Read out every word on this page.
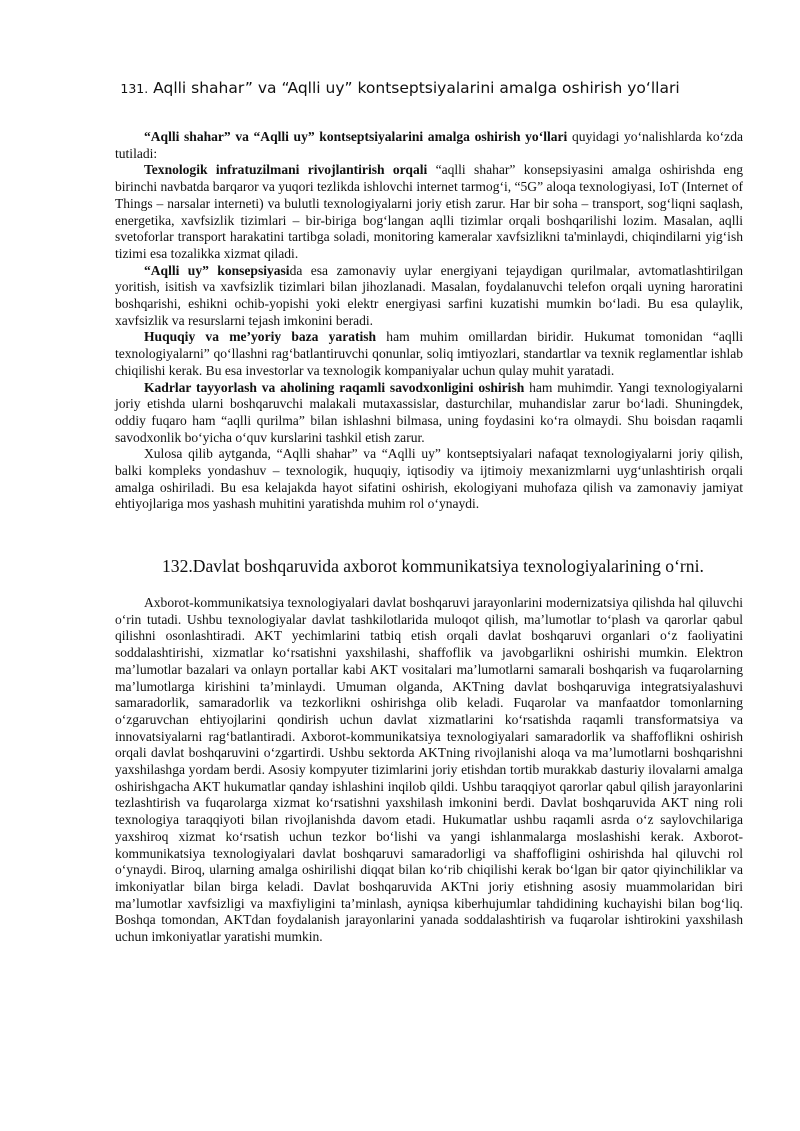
131. Aqlli shahar” va “Aqlli uy” kontseptsiyalarini amalga oshirish yo‘llari

“Aqlli shahar” va “Aqlli uy” kontseptsiyalarini amalga oshirish yo‘llari quyidagi yo‘nalishlarda ko‘zda tutiladi:

Texnologik infratuzilmani rivojlantirish orqali “aqlli shahar” konsepsiyasini amalga oshirishda eng birinchi navbatda barqaror va yuqori tezlikda ishlovchi internet tarmog‘i, “5G” aloqa texnologiyasi, IoT (Internet of Things – narsalar interneti) va bulutli texnologiyalarni joriy etish zarur. Har bir soha – transport, sog‘liqni saqlash, energetika, xavfsizlik tizimlari – bir-biriga bog‘langan aqlli tizimlar orqali boshqarilishi lozim. Masalan, aqlli svetoforlar transport harakatini tartibga soladi, monitoring kameralar xavfsizlikni ta'minlaydi, chiqindilarni yig‘ish tizimi esa tozalikka xizmat qiladi.

“Aqlli uy” konsepsiyasida esa zamonaviy uylar energiyani tejaydigan qurilmalar, avtomatlashtirilgan yoritish, isitish va xavfsizlik tizimlari bilan jihozlanadi. Masalan, foydalanuvchi telefon orqali uyning haroratini boshqarishi, eshikni ochib-yopishi yoki elektr energiyasi sarfini kuzatishi mumkin bo‘ladi. Bu esa qulaylik, xavfsizlik va resurslarni tejash imkonini beradi.

Huquqiy va me’yoriy baza yaratish ham muhim omillardan biridir. Hukumat tomonidan “aqlli texnologiyalarni” qo‘llashni rag‘batlantiruvchi qonunlar, soliq imtiyozlari, standartlar va texnik reglamentlar ishlab chiqilishi kerak. Bu esa investorlar va texnologik kompaniyalar uchun qulay muhit yaratadi.

Kadrlar tayyorlash va aholining raqamli savodxonligini oshirish ham muhimdir. Yangi texnologiyalarni joriy etishda ularni boshqaruvchi malakali mutaxassislar, dasturchilar, muhandislar zarur bo‘ladi. Shuningdek, oddiy fuqaro ham “aqlli qurilma” bilan ishlashni bilmasa, uning foydasini ko‘ra olmaydi. Shu boisdan raqamli savodxonlik bo‘yicha o‘quv kurslarini tashkil etish zarur.

Xulosa qilib aytganda, “Aqlli shahar” va “Aqlli uy” kontseptsiyalari nafaqat texnologiyalarni joriy qilish, balki kompleks yondashuv – texnologik, huquqiy, iqtisodiy va ijtimoiy mexanizmlarni uyg‘unlashtirish orqali amalga oshiriladi. Bu esa kelajakda hayot sifatini oshirish, ekologiyani muhofaza qilish va zamonaviy jamiyat ehtiyojlariga mos yashash muhitini yaratishda muhim rol o‘ynaydi.

132.Davlat boshqaruvida axborot kommunikatsiya texnologiyalarining o‘rni.

Axborot-kommunikatsiya texnologiyalari davlat boshqaruvi jarayonlarini modernizatsiya qilishda hal qiluvchi o‘rin tutadi. Ushbu texnologiyalar davlat tashkilotlarida muloqot qilish, ma’lumotlar to‘plash va qarorlar qabul qilishni osonlashtiradi. AKT yechimlarini tatbiq etish orqali davlat boshqaruvi organlari o‘z faoliyatini soddalashtirishi, xizmatlar ko‘rsatishni yaxshilashi, shaffoflik va javobgarlikni oshirishi mumkin. Elektron ma’lumotlar bazalari va onlayn portallar kabi AKT vositalari ma’lumotlarni samarali boshqarish va fuqarolarning ma’lumotlarga kirishini ta’minlaydi. Umuman olganda, AKTning davlat boshqaruviga integratsiyalashuvi samaradorlik, samaradorlik va tezkorlikni oshirishga olib keladi. Fuqarolar va manfaatdor tomonlarning o‘zgaruvchan ehtiyojlarini qondirish uchun davlat xizmatlarini ko‘rsatishda raqamli transformatsiya va innovatsiyalarni rag‘batlantiradi. Axborot-kommunikatsiya texnologiyalari samaradorlik va shaffoflikni oshirish orqali davlat boshqaruvini o‘zgartirdi. Ushbu sektorda AKTning rivojlanishi aloqa va ma’lumotlarni boshqarishni yaxshilashga yordam berdi. Asosiy kompyuter tizimlarini joriy etishdan tortib murakkab dasturiy ilovalarni amalga oshirishgacha AKT hukumatlar qanday ishlashini inqilob qildi. Ushbu taraqqiyot qarorlar qabul qilish jarayonlarini tezlashtirish va fuqarolarga xizmat ko‘rsatishni yaxshilash imkonini berdi. Davlat boshqaruvida AKT ning roli texnologiya taraqqiyoti bilan rivojlanishda davom etadi. Hukumatlar ushbu raqamli asrda o‘z saylovchilariga yaxshiroq xizmat ko‘rsatish uchun tezkor bo‘lishi va yangi ishlanmalarga moslashishi kerak. Axborot-kommunikatsiya texnologiyalari davlat boshqaruvi samaradorligi va shaffofligini oshirishda hal qiluvchi rol o‘ynaydi. Biroq, ularning amalga oshirilishi diqqat bilan ko‘rib chiqilishi kerak bo‘lgan bir qator qiyinchiliklar va imkoniyatlar bilan birga keladi. Davlat boshqaruvida AKTni joriy etishning asosiy muammolaridan biri ma’lumotlar xavfsizligi va maxfiyligini ta’minlash, ayniqsa kiberhujumlar tahdidining kuchayishi bilan bog‘liq. Boshqa tomondan, AKTdan foydalanish jarayonlarini yanada soddalashtirish va fuqarolar ishtirokini yaxshilash uchun imkoniyatlar yaratishi mumkin.
